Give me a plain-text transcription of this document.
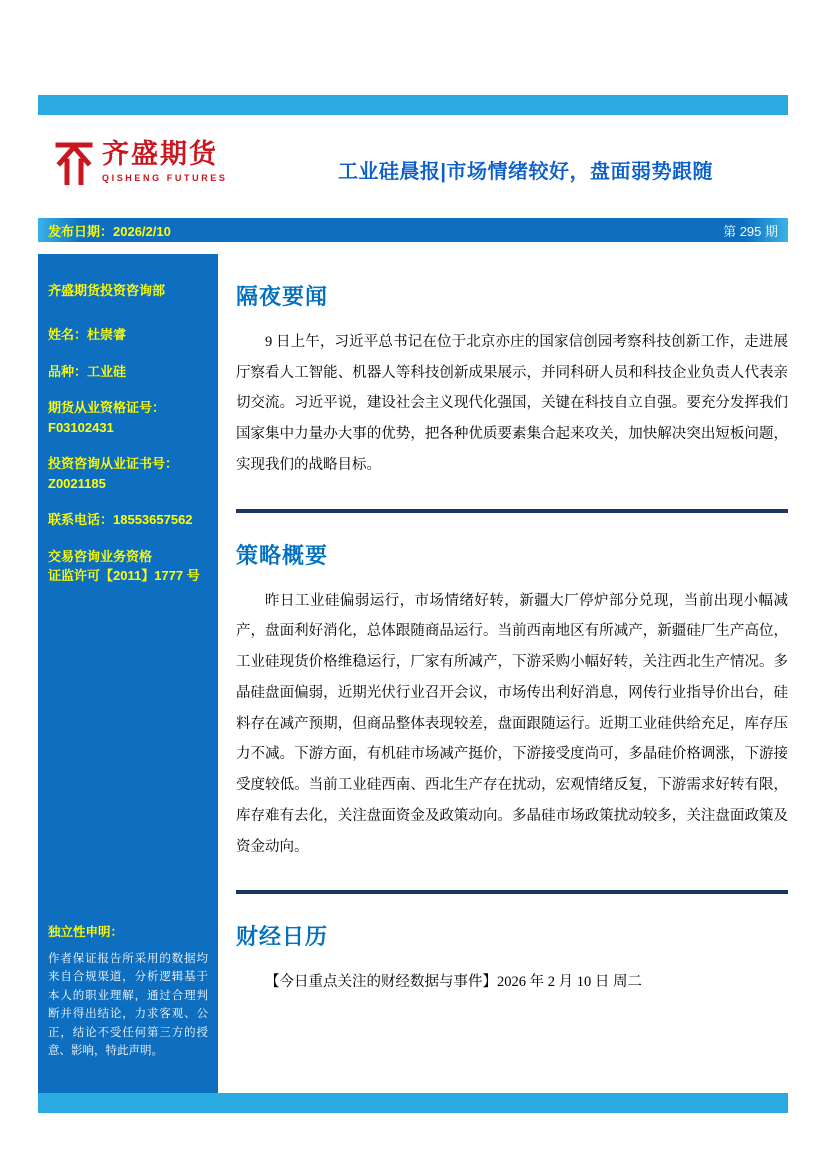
齐盛期货
QISHENG FUTURES	工业硅晨报|市场情绪较好，盘面弱势跟随
发布日期：2026/2/10	第 295 期
齐盛期货投资咨询部
姓名：杜崇睿
品种：工业硅
期货从业资格证号：
F03102431
投资咨询从业证书号：
Z0021185
联系电话：18553657562
交易咨询业务资格
证监许可【2011】1777 号
独立性申明：
作者保证报告所采用的数据均来自合规渠道，分析逻辑基于本人的职业理解，通过合理判断并得出结论，力求客观、公正，结论不受任何第三方的授意、影响，特此声明。
隔夜要闻

9 日上午，习近平总书记在位于北京亦庄的国家信创园考察科技创新工作，走进展厅察看人工智能、机器人等科技创新成果展示，并同科研人员和科技企业负责人代表亲切交流。习近平说，建设社会主义现代化强国，关键在科技自立自强。要充分发挥我们国家集中力量办大事的优势，把各种优质要素集合起来攻关，加快解决突出短板问题，实现我们的战略目标。

策略概要

昨日工业硅偏弱运行，市场情绪好转，新疆大厂停炉部分兑现，当前出现小幅减产，盘面利好消化，总体跟随商品运行。当前西南地区有所减产，新疆硅厂生产高位，工业硅现货价格维稳运行，厂家有所减产，下游采购小幅好转，关注西北生产情况。多晶硅盘面偏弱，近期光伏行业召开会议，市场传出利好消息，网传行业指导价出台，硅料存在减产预期，但商品整体表现较差，盘面跟随运行。近期工业硅供给充足，库存压力不减。下游方面，有机硅市场减产挺价，下游接受度尚可，多晶硅价格调涨，下游接受度较低。当前工业硅西南、西北生产存在扰动，宏观情绪反复，下游需求好转有限，库存难有去化，关注盘面资金及政策动向。多晶硅市场政策扰动较多，关注盘面政策及资金动向。

财经日历

【今日重点关注的财经数据与事件】2026 年 2 月 10 日 周二
